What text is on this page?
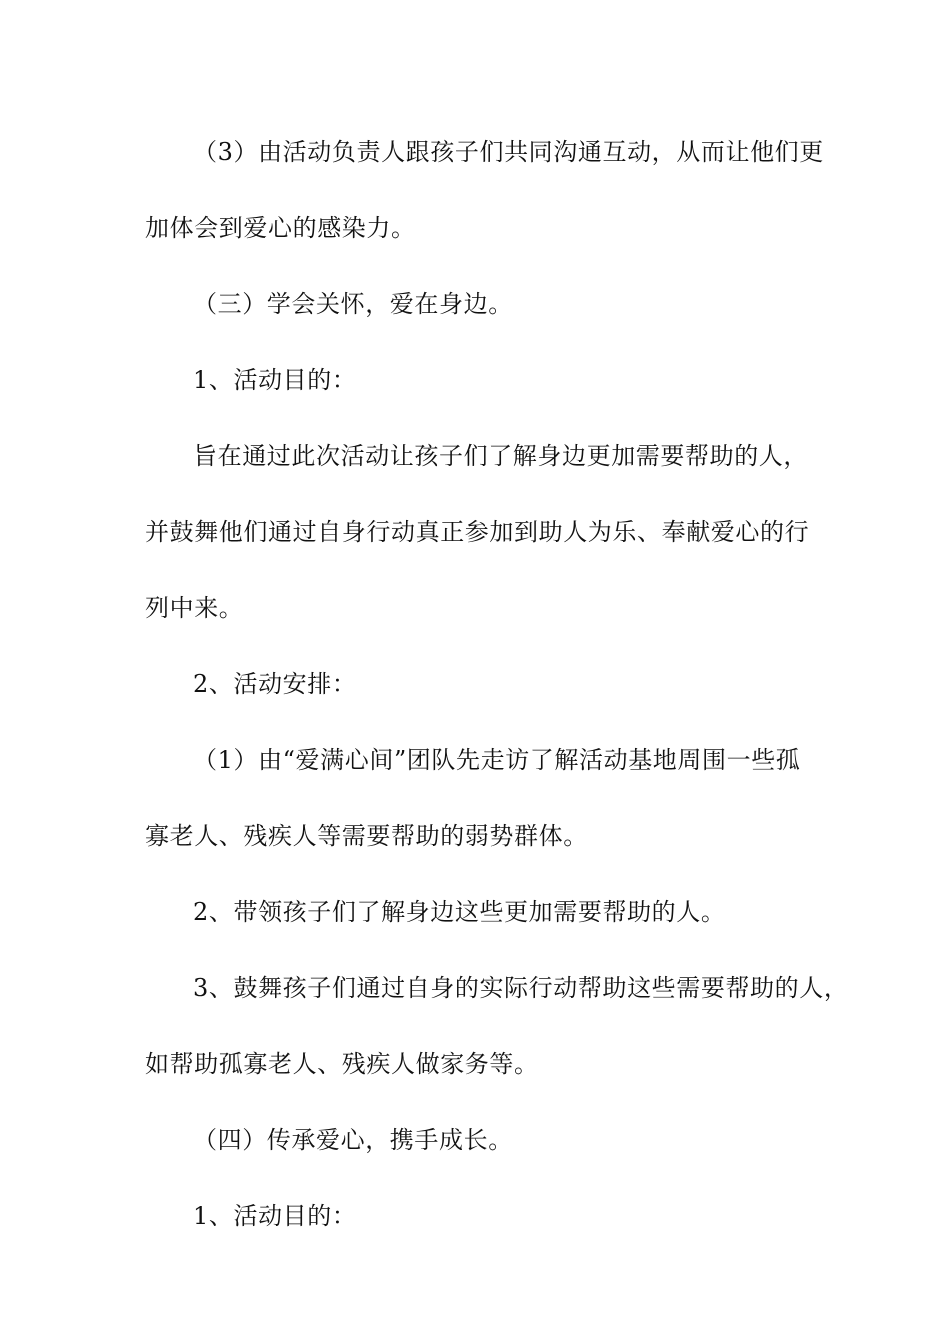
（3）由活动负责人跟孩子们共同沟通互动，从而让他们更

加体会到爱心的感染力。

（三）学会关怀，爱在身边。

1、活动目的：

旨在通过此次活动让孩子们了解身边更加需要帮助的人，

并鼓舞他们通过自身行动真正参加到助人为乐、奉献爱心的行

列中来。

2、活动安排：

（1）由“爱满心间”团队先走访了解活动基地周围一些孤

寡老人、残疾人等需要帮助的弱势群体。

2、带领孩子们了解身边这些更加需要帮助的人。

3、鼓舞孩子们通过自身的实际行动帮助这些需要帮助的人，

如帮助孤寡老人、残疾人做家务等。

（四）传承爱心，携手成长。

1、活动目的：
